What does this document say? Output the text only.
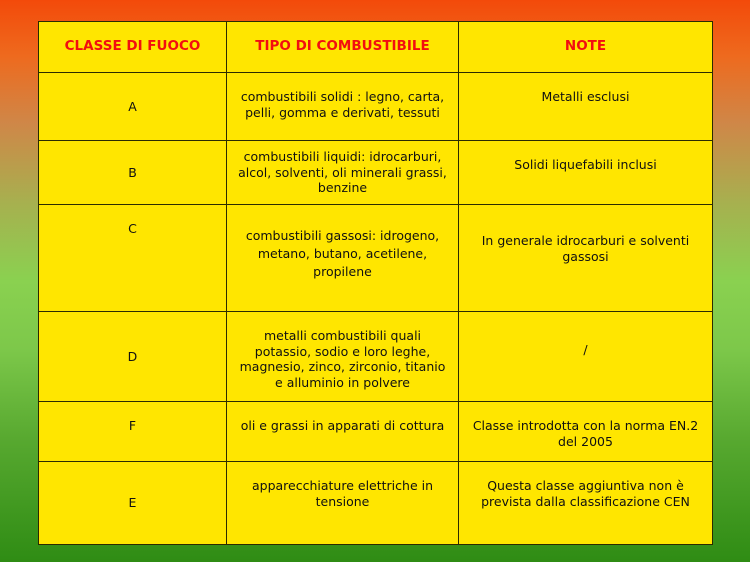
CLASSE DI FUOCO	TIPO DI COMBUSTIBILE	NOTE
A	combustibili solidi : legno, carta, pelli, gomma e derivati, tessuti	Metalli esclusi
B	combustibili liquidi: idrocarburi, alcol, solventi, oli minerali grassi, benzine	Solidi liquefabili inclusi
C	combustibili gassosi: idrogeno, metano, butano, acetilene, propilene	In generale idrocarburi e solventi gassosi
D	metalli combustibili quali potassio, sodio e loro leghe, magnesio, zinco, zirconio, titanio e alluminio in polvere	/
F	oli e grassi in apparati di cottura	Classe introdotta con la norma EN.2 del 2005
E	apparecchiature elettriche in tensione	Questa classe aggiuntiva non è prevista dalla classificazione CEN
